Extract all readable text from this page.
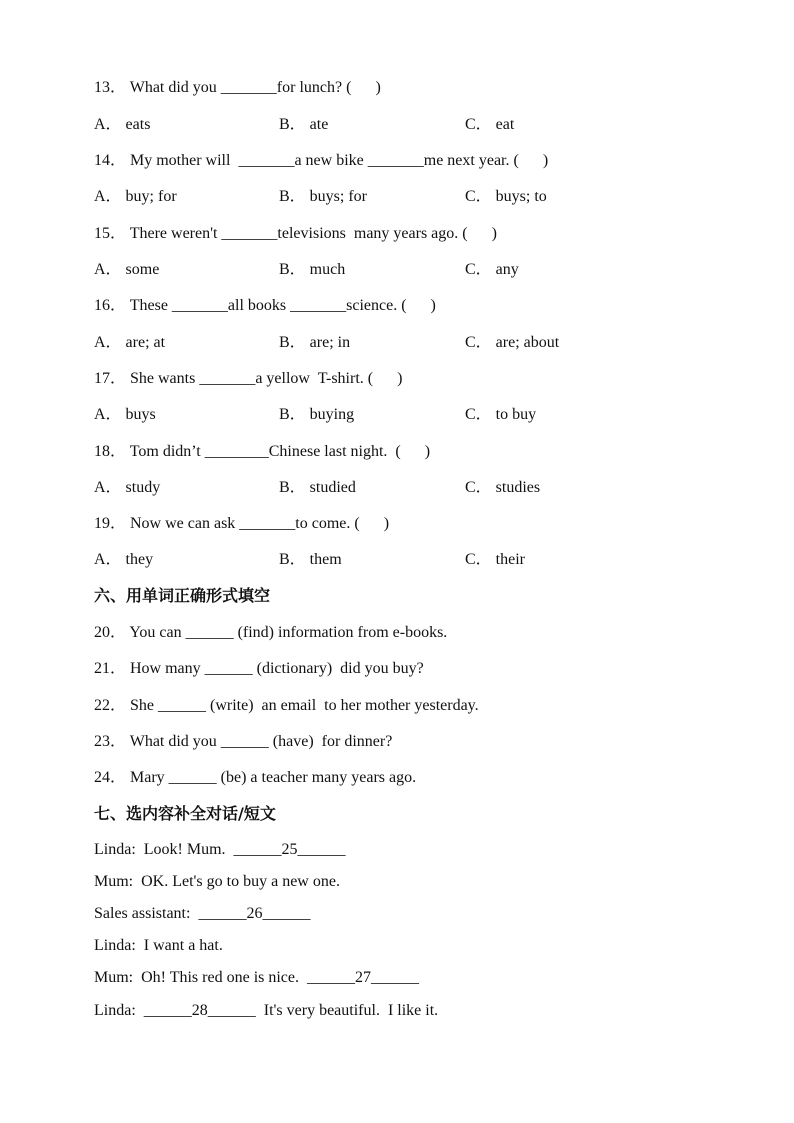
13． What did you _______for lunch? (      )
A． eats	B． ate	C． eat
14． My mother will  _______a new bike _______me next year. (      )
A． buy; for	B． buys; for	C． buys; to
15． There weren't _______televisions  many years ago. (      )
A． some	B． much	C． any
16． These _______all books _______science. (      )
A． are; at	B． are; in	C． are; about
17． She wants _______a yellow  T-shirt. (      )
A． buys	B． buying	C． to buy
18． Tom didn’t ________Chinese last night.  (      )
A． study	B． studied	C． studies
19． Now we can ask _______to come. (      )
A． they	B． them	C． their
六、用单词正确形式填空
20． You can ______ (find) information from e-books.
21． How many ______ (dictionary)  did you buy?
22． She ______ (write)  an email  to her mother yesterday.
23． What did you ______ (have)  for dinner?
24． Mary ______ (be) a teacher many years ago.
七、选内容补全对话/短文
Linda:  Look! Mum.  ______25______
Mum:  OK. Let's go to buy a new one.
Sales assistant:  ______26______
Linda:  I want a hat.
Mum:  Oh! This red one is nice.  ______27______
Linda:  ______28______  It's very beautiful.  I like it.
